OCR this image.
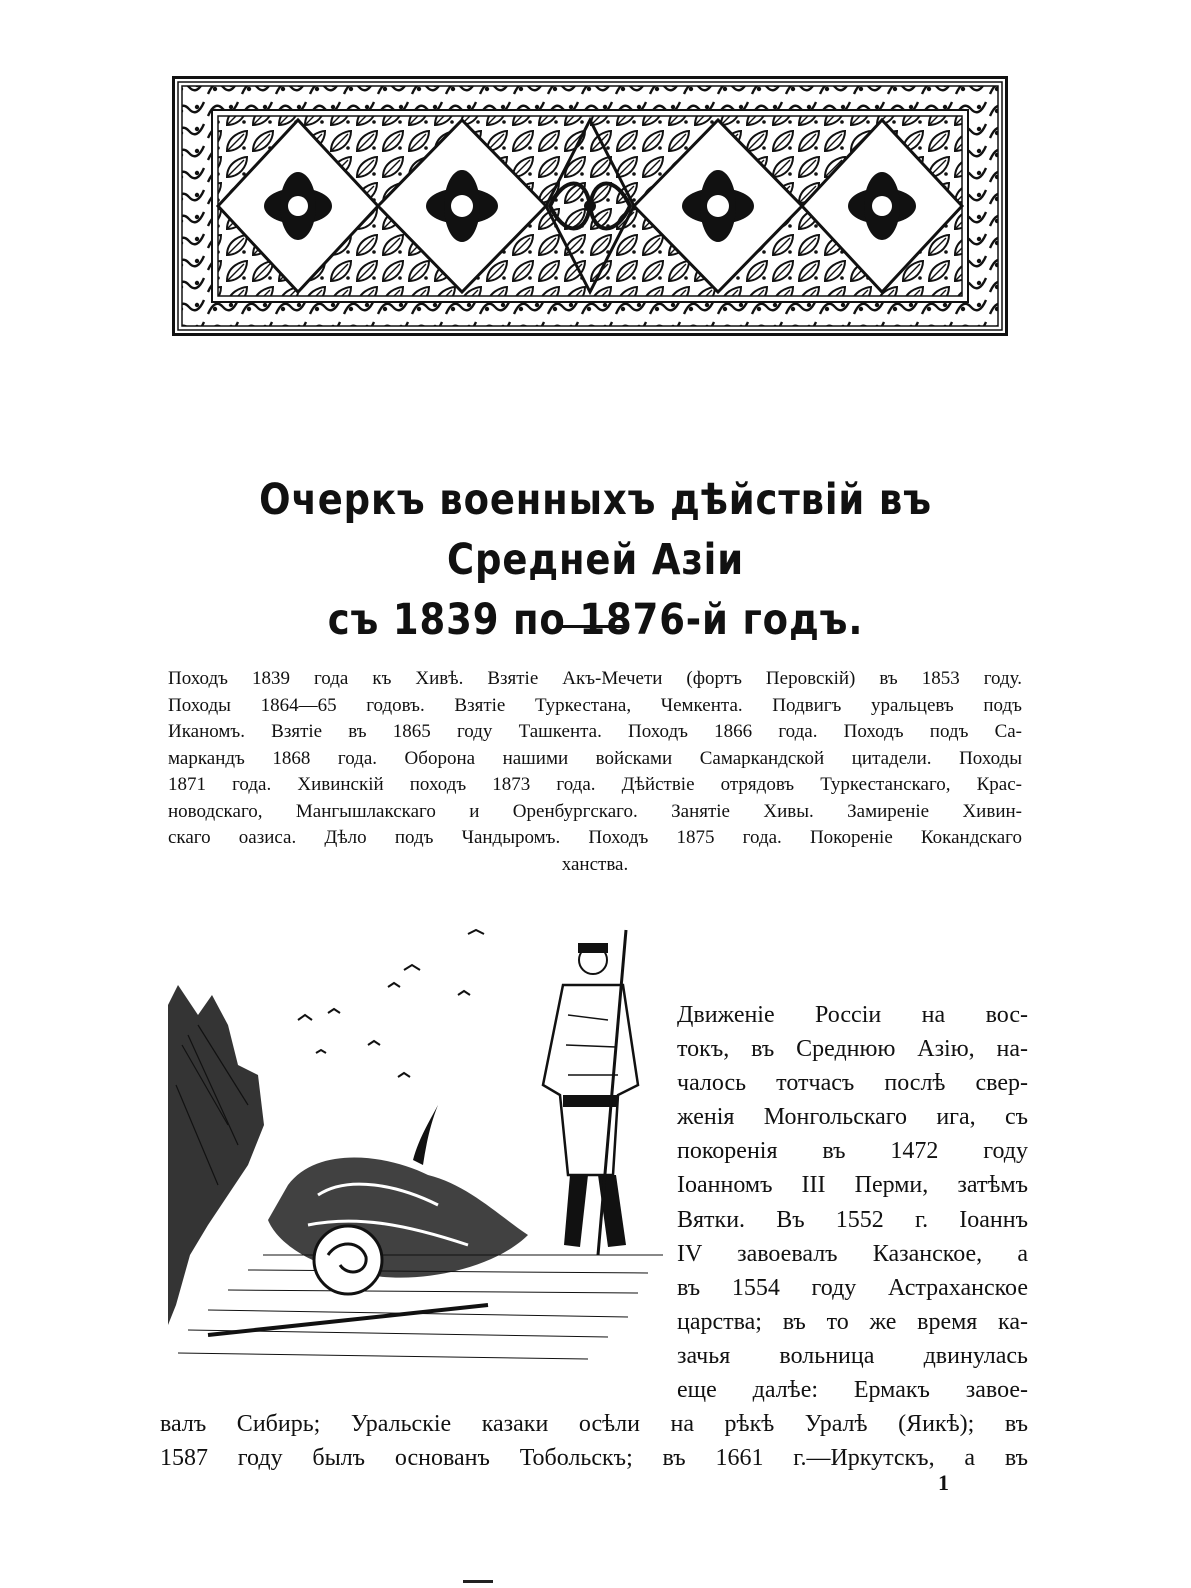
Очеркъ военныхъ дѣйствій въ Средней Азіи
съ 1839 по 1876-й годъ.

Походъ 1839 года къ Хивѣ. Взятіе Акъ-Мечети (фортъ Перовскій) въ 1853 году.
Походы 1864—65 годовъ. Взятіе Туркестана, Чемкента. Подвигъ уральцевъ подъ
Иканомъ. Взятіе въ 1865 году Ташкента. Походъ 1866 года. Походъ подъ Са-
маркандъ 1868 года. Оборона нашими войсками Самаркандской цитадели. Походы
1871 года. Хивинскій походъ 1873 года. Дѣйствіе отрядовъ Туркестанскаго, Крас-
новодскаго, Мангышлакскаго и Оренбургскаго. Занятіе Хивы. Замиреніе Хивин-
скаго оазиса. Дѣло подъ Чандыромъ. Походъ 1875 года. Покореніе Кокандскаго
ханства.

Движеніе Россіи на вос-
токъ, въ Среднюю Азію, на-
чалось тотчасъ послѣ свер-
женія Монгольскаго ига, съ
покоренія въ 1472 году
Іоанномъ III Перми, затѣмъ
Вятки. Въ 1552 г. Іоаннъ
IV завоевалъ Казанское, а
въ 1554 году Астраханское
царства; въ то же время ка-
зачья вольница двинулась
еще далѣе: Ермакъ завое-
валъ Сибирь; Уральскіе казаки осѣли на рѣкѣ Уралѣ (Яикѣ); въ
1587 году былъ основанъ Тобольскъ; въ 1661 г.—Иркутскъ, а въ

1
